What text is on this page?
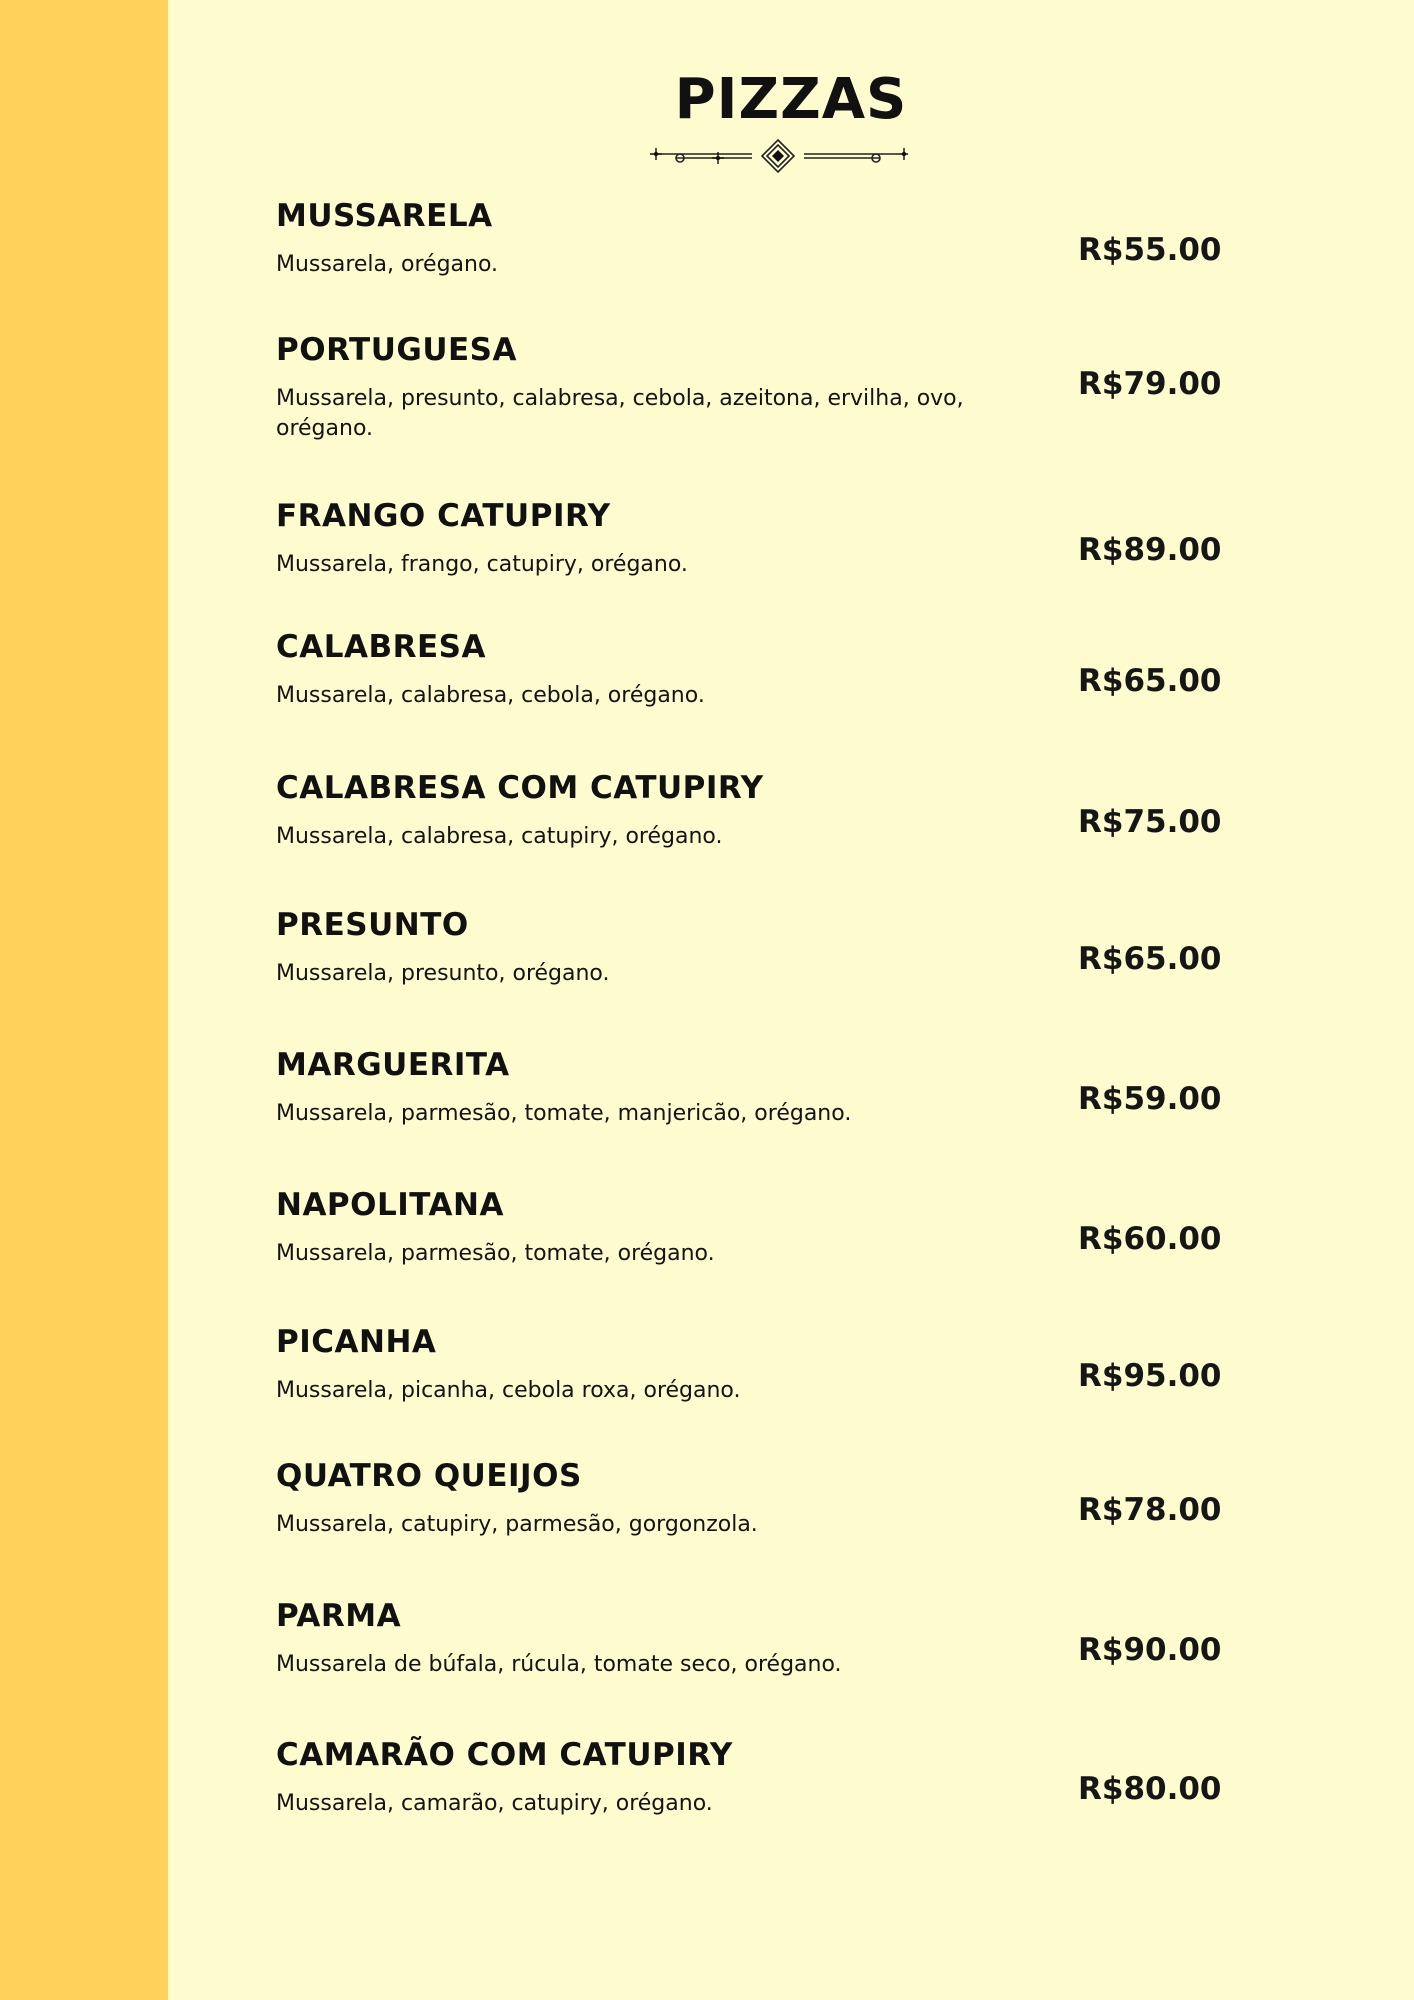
PIZZAS
MUSSARELA
Mussarela, orégano.	R$55.00
PORTUGUESA
Mussarela, presunto, calabresa, cebola, azeitona, ervilha, ovo, orégano.
R$79.00
FRANGO CATUPIRY
Mussarela, frango, catupiry, orégano.	R$89.00
CALABRESA
Mussarela, calabresa, cebola, orégano.	R$65.00
CALABRESA COM CATUPIRY
Mussarela, calabresa, catupiry, orégano.	R$75.00
PRESUNTO
Mussarela, presunto, orégano.	R$65.00
MARGUERITA
Mussarela, parmesão, tomate, manjericão, orégano.	R$59.00
NAPOLITANA
Mussarela, parmesão, tomate, orégano.	R$60.00
PICANHA
Mussarela, picanha, cebola roxa, orégano.	R$95.00
QUATRO QUEIJOS
Mussarela, catupiry, parmesão, gorgonzola.	R$78.00
PARMA
Mussarela de búfala, rúcula, tomate seco, orégano.	R$90.00
CAMARÃO COM CATUPIRY
Mussarela, camarão, catupiry, orégano.	R$80.00
